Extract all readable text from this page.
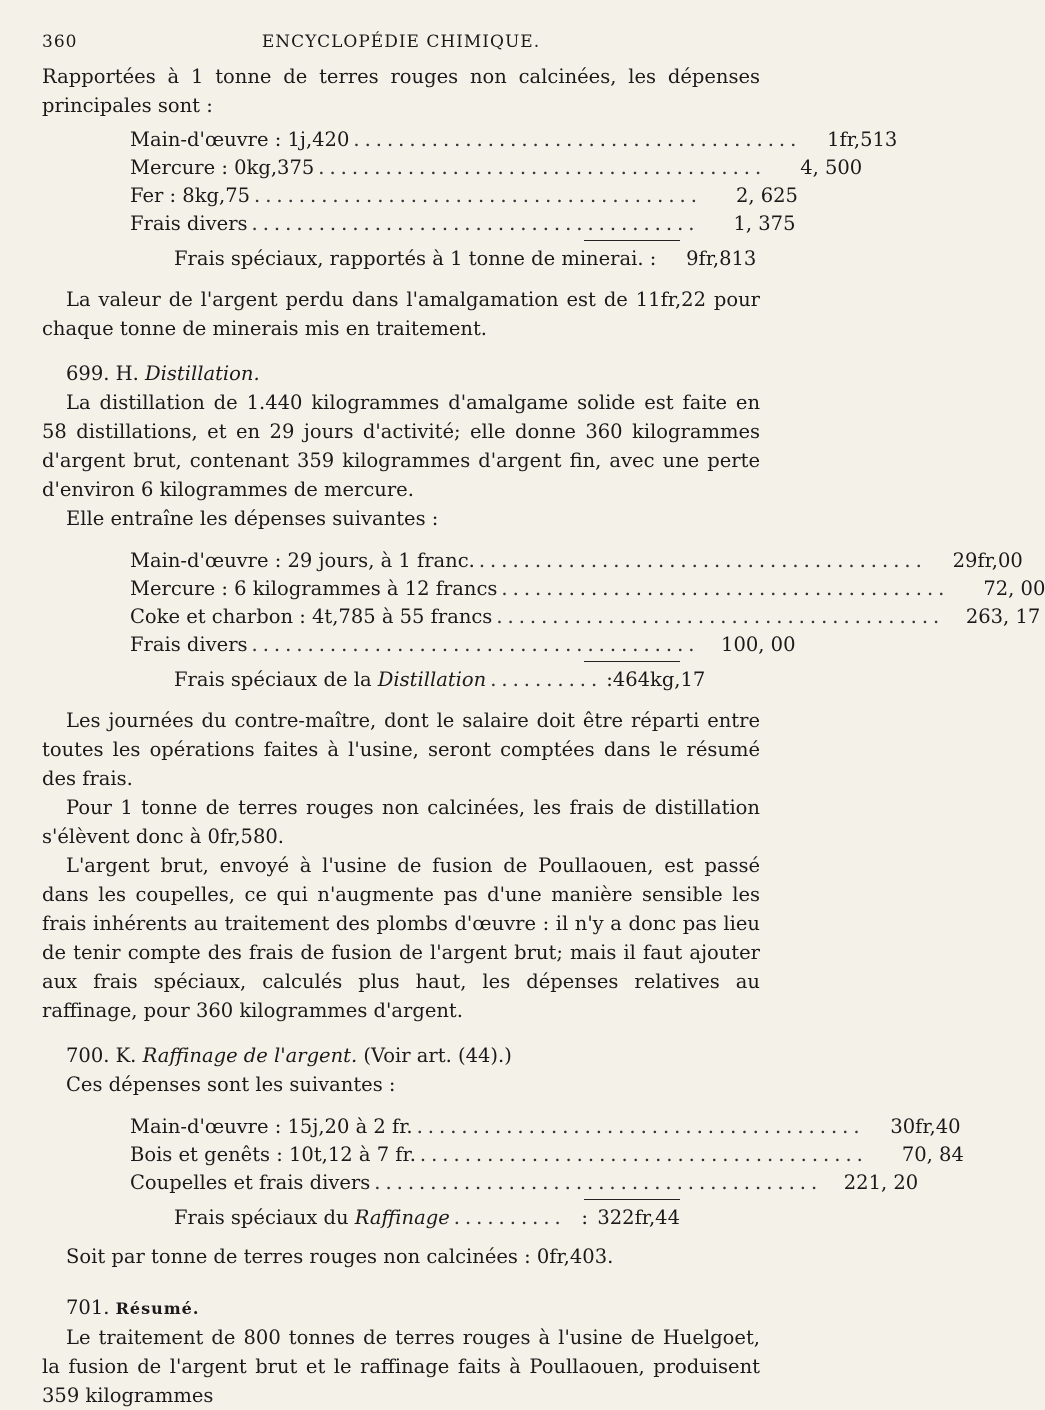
360	ENCYCLOPÉDIE CHIMIQUE.

Rapportées à 1 tonne de terres rouges non calcinées, les dépenses principales sont :

Main-d'œuvre : 1j,420 ........................................	1fr,513
Mercure : 0kg,375 ........................................	4, 500
Fer : 8kg,75 ........................................	2, 625
Frais divers ........................................	1, 375
Frais spéciaux, rapportés à 1 tonne de minerai. :	9fr,813

La valeur de l'argent perdu dans l'amalgamation est de 11fr,22 pour chaque tonne de minerais mis en traitement.

699. H. Distillation.

La distillation de 1.440 kilogrammes d'amalgame solide est faite en 58 distillations, et en 29 jours d'activité; elle donne 360 kilogrammes d'argent brut, contenant 359 kilogrammes d'argent fin, avec une perte d'environ 6 kilogrammes de mercure.

Elle entraîne les dépenses suivantes :

Main-d'œuvre : 29 jours, à 1 franc. ........................................	29fr,00
Mercure : 6 kilogrammes à 12 francs ........................................	72, 00
Coke et charbon : 4t,785 à 55 francs ........................................	263, 17
Frais divers ........................................	100, 00
Frais spéciaux de la Distillation .......... : 464kg,17

Les journées du contre-maître, dont le salaire doit être réparti entre toutes les opérations faites à l'usine, seront comptées dans le résumé des frais.

Pour 1 tonne de terres rouges non calcinées, les frais de distillation s'élèvent donc à 0fr,580.

L'argent brut, envoyé à l'usine de fusion de Poullaouen, est passé dans les coupelles, ce qui n'augmente pas d'une manière sensible les frais inhérents au traitement des plombs d'œuvre : il n'y a donc pas lieu de tenir compte des frais de fusion de l'argent brut; mais il faut ajouter aux frais spéciaux, calculés plus haut, les dépenses relatives au raffinage, pour 360 kilogrammes d'argent.

700. K. Raffinage de l'argent. (Voir art. (44).)

Ces dépenses sont les suivantes :

Main-d'œuvre : 15j,20 à 2 fr. ........................................	30fr,40
Bois et genêts : 10t,12 à 7 fr. ........................................	70, 84
Coupelles et frais divers ........................................	221, 20
Frais spéciaux du Raffinage .......... : 322fr,44

Soit par tonne de terres rouges non calcinées : 0fr,403.

701. Résumé.

Le traitement de 800 tonnes de terres rouges à l'usine de Huelgoet, la fusion de l'argent brut et le raffinage faits à Poullaouen, produisent 359 kilogrammes
